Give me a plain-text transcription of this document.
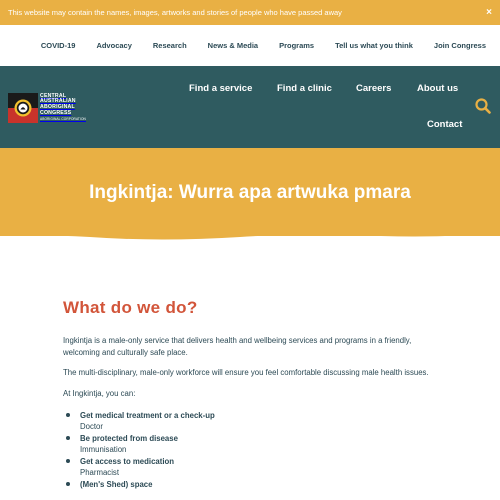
This website may contain the names, images, artworks and stories of people who have passed away	×
COVID-19	Advocacy	Research	News & Media	Programs	Tell us what you think	Join Congress
CENTRAL
AUSTRALIAN
ABORIGINAL
CONGRESS
ABORIGINAL CORPORATION
Find a service	Find a clinic	Careers	About us
Contact
Ingkintja: Wurra apa artwuka pmara
What do we do?

Ingkintja is a male-only service that delivers health and wellbeing services and programs in a friendly, welcoming and culturally safe place.

The multi-disciplinary, male-only workforce will ensure you feel comfortable discussing male health issues.

At Ingkintja, you can:

Get medical treatment or a check-up
Doctor
Be protected from disease
Immunisation
Get access to medication
Pharmacist
(Men's Shed) space
